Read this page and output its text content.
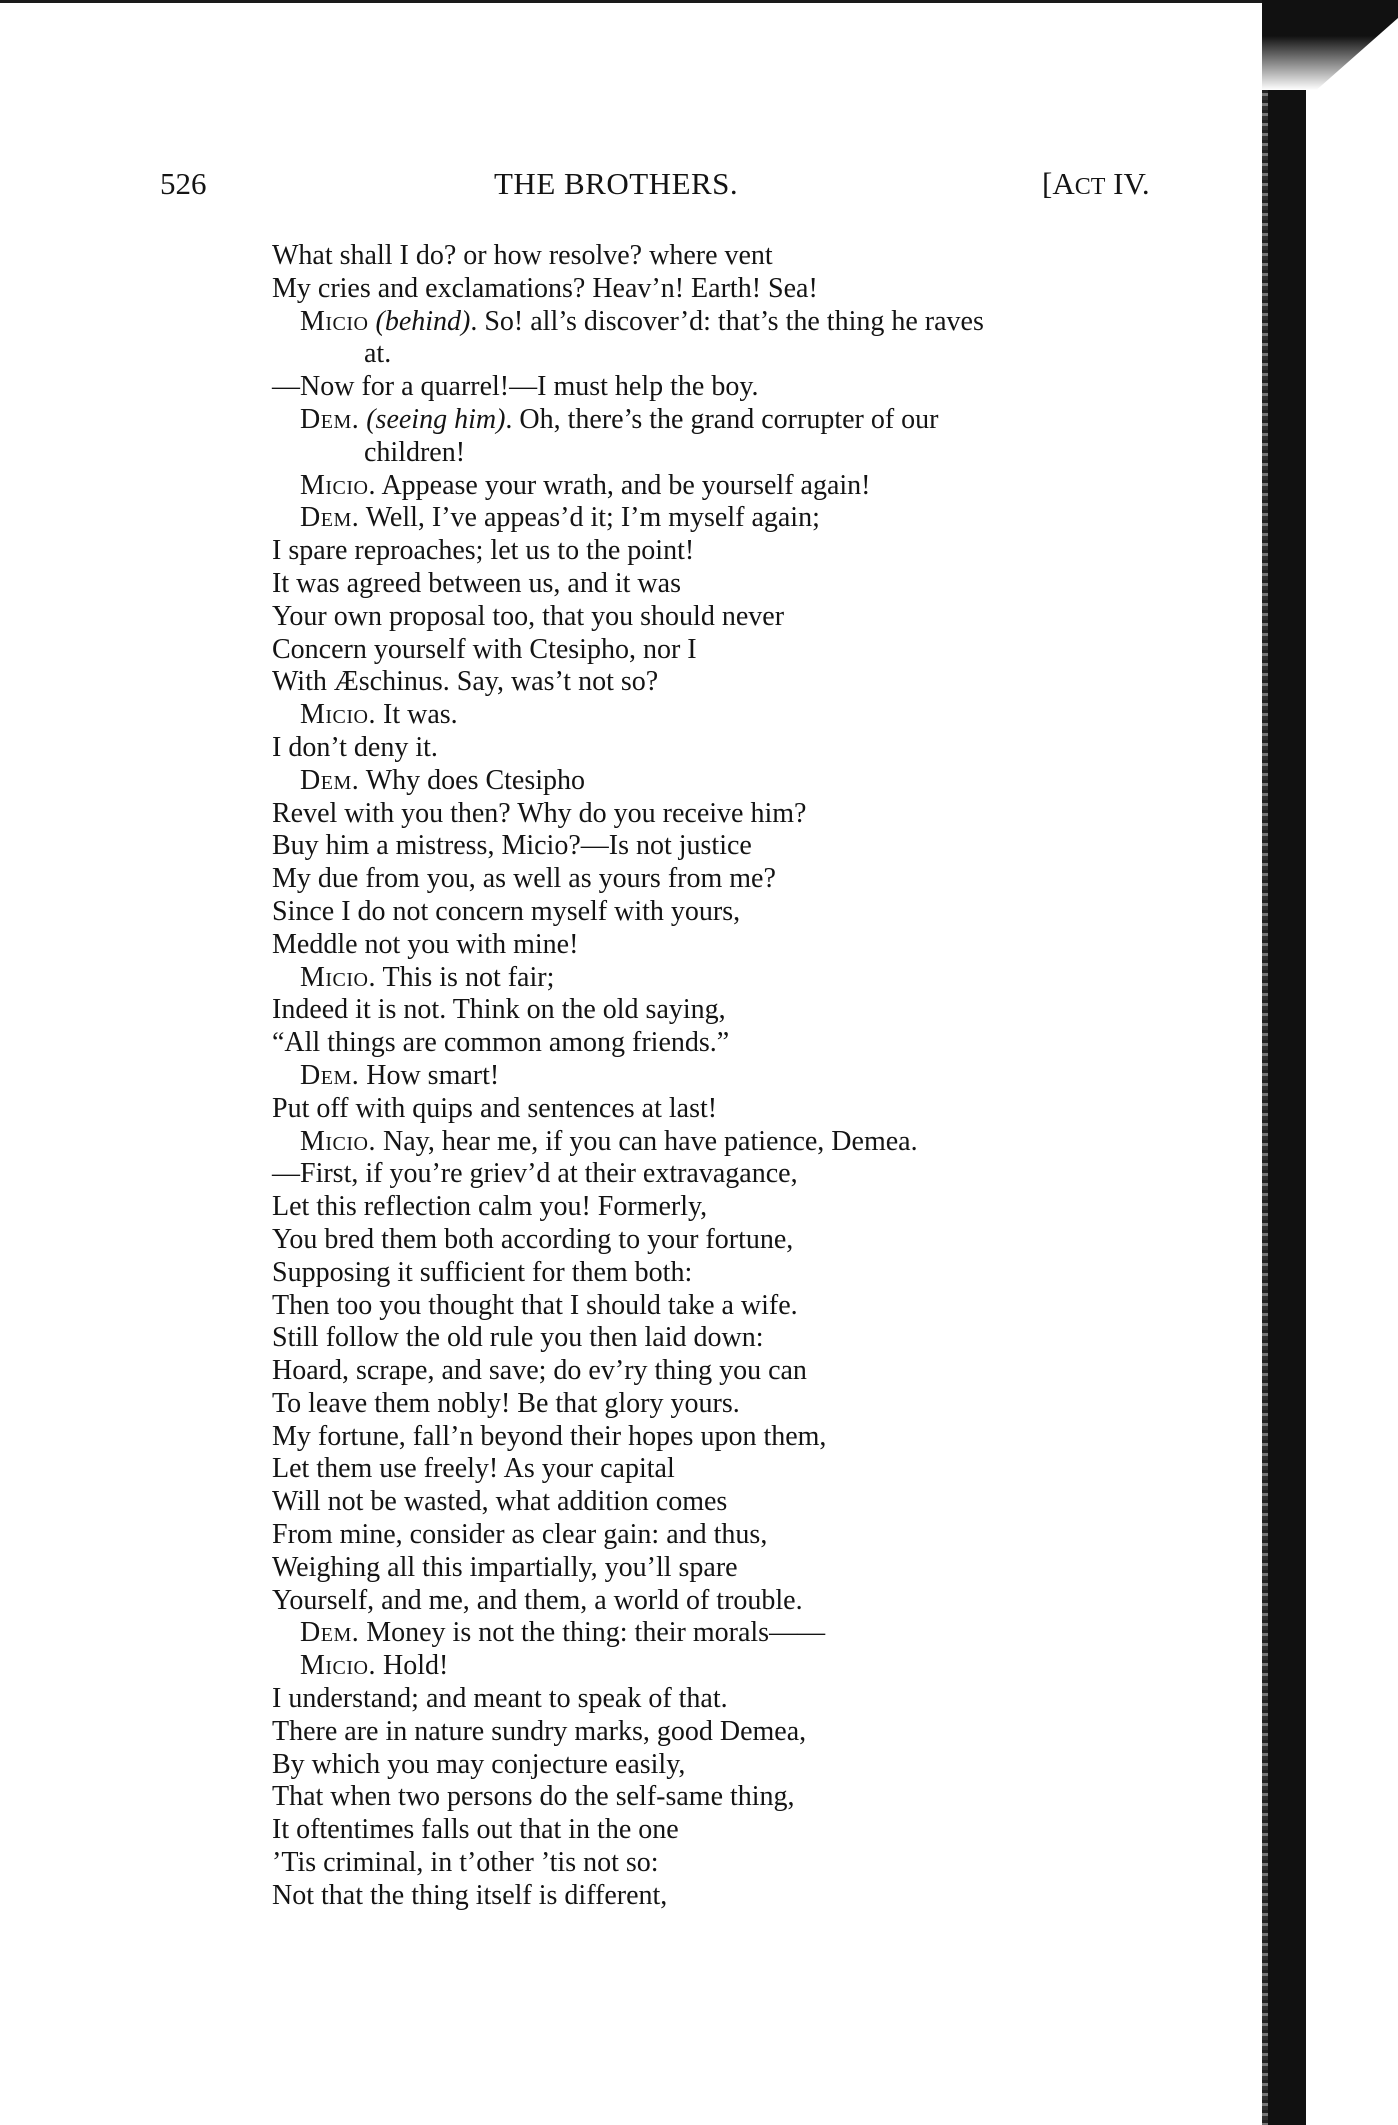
526	THE BROTHERS.	[ACT IV.
What shall I do? or how resolve? where vent
My cries and exclamations? Heav’n! Earth! Sea!
Micio (behind). So! all’s discover’d: that’s the thing he raves
at.
—Now for a quarrel!—I must help the boy.
Dem. (seeing him). Oh, there’s the grand corrupter of our
children!
Micio. Appease your wrath, and be yourself again!
Dem. Well, I’ve appeas’d it; I’m myself again;
I spare reproaches; let us to the point!
It was agreed between us, and it was
Your own proposal too, that you should never
Concern yourself with Ctesipho, nor I
With Æschinus. Say, was’t not so?
Micio. It was.
I don’t deny it.
Dem. Why does Ctesipho
Revel with you then? Why do you receive him?
Buy him a mistress, Micio?—Is not justice
My due from you, as well as yours from me?
Since I do not concern myself with yours,
Meddle not you with mine!
Micio. This is not fair;
Indeed it is not. Think on the old saying,
“All things are common among friends.”
Dem. How smart!
Put off with quips and sentences at last!
Micio. Nay, hear me, if you can have patience, Demea.
—First, if you’re griev’d at their extravagance,
Let this reflection calm you! Formerly,
You bred them both according to your fortune,
Supposing it sufficient for them both:
Then too you thought that I should take a wife.
Still follow the old rule you then laid down:
Hoard, scrape, and save; do ev’ry thing you can
To leave them nobly! Be that glory yours.
My fortune, fall’n beyond their hopes upon them,
Let them use freely! As your capital
Will not be wasted, what addition comes
From mine, consider as clear gain: and thus,
Weighing all this impartially, you’ll spare
Yourself, and me, and them, a world of trouble.
Dem. Money is not the thing: their morals——
Micio. Hold!
I understand; and meant to speak of that.
There are in nature sundry marks, good Demea,
By which you may conjecture easily,
That when two persons do the self-same thing,
It oftentimes falls out that in the one
’Tis criminal, in t’other ’tis not so:
Not that the thing itself is different,
